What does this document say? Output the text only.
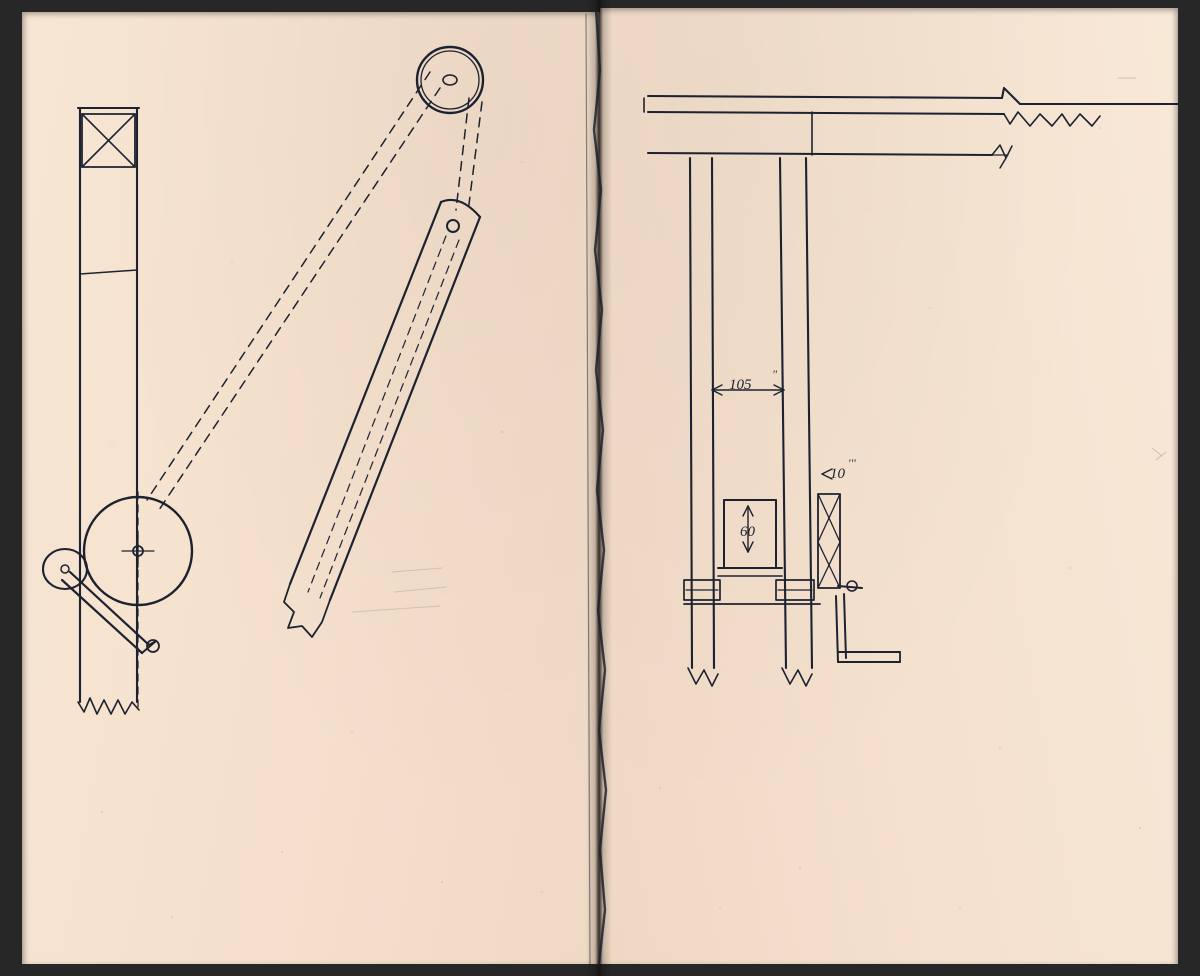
105
"
60
10
'''
